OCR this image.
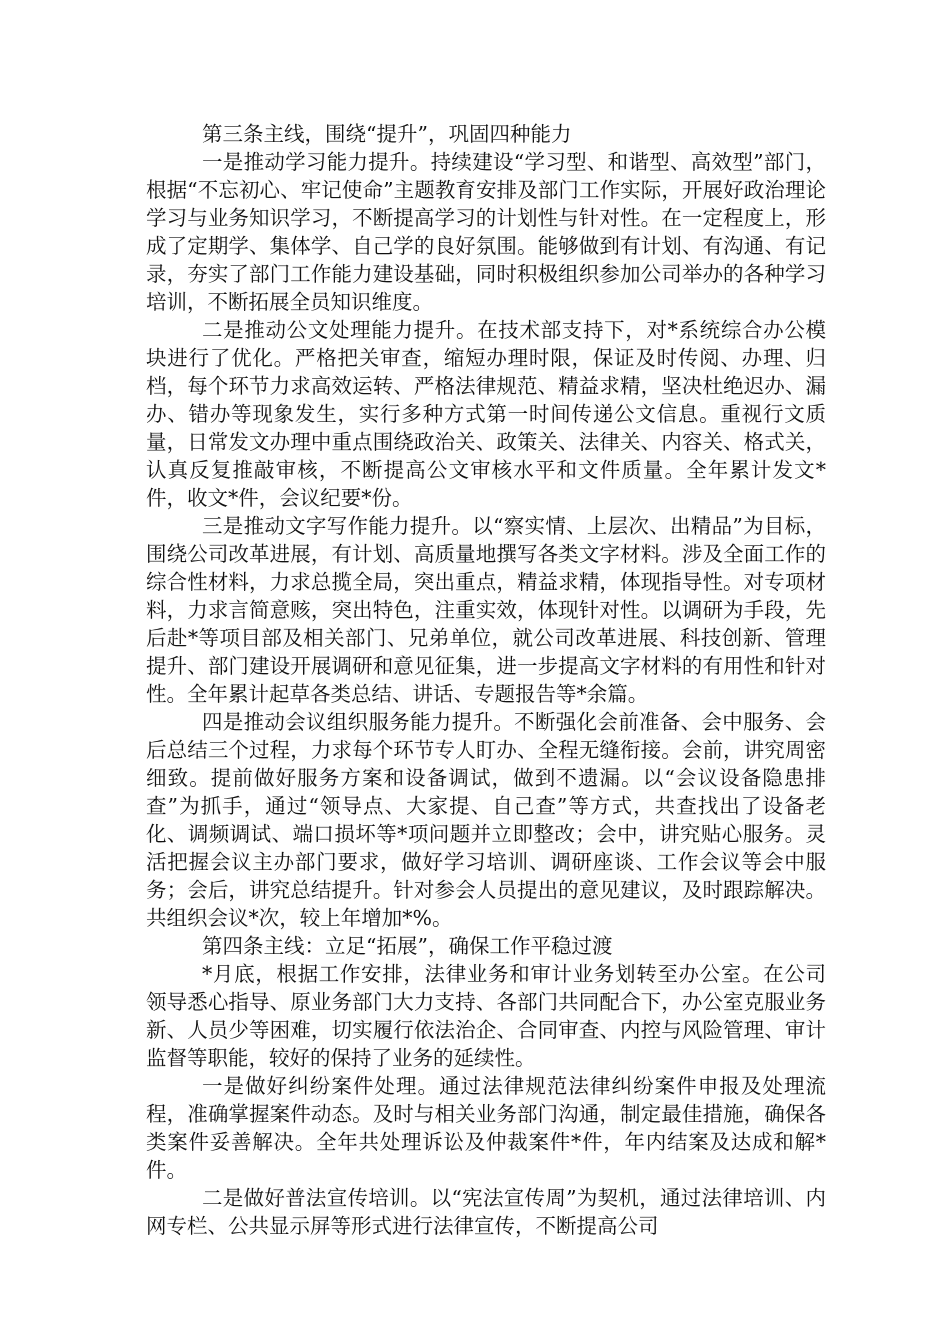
第三条主线，围绕“提升”，巩固四种能力

一是推动学习能力提升。持续建设“学习型、和谐型、高效型”部门，根据“不忘初心、牢记使命”主题教育安排及部门工作实际，开展好政治理论学习与业务知识学习，不断提高学习的计划性与针对性。在一定程度上，形成了定期学、集体学、自己学的良好氛围。能够做到有计划、有沟通、有记录，夯实了部门工作能力建设基础，同时积极组织参加公司举办的各种学习培训，不断拓展全员知识维度。

二是推动公文处理能力提升。在技术部支持下，对*系统综合办公模块进行了优化。严格把关审查，缩短办理时限，保证及时传阅、办理、归档，每个环节力求高效运转、严格法律规范、精益求精，坚决杜绝迟办、漏办、错办等现象发生，实行多种方式第一时间传递公文信息。重视行文质量，日常发文办理中重点围绕政治关、政策关、法律关、内容关、格式关，认真反复推敲审核，不断提高公文审核水平和文件质量。全年累计发文*件，收文*件，会议纪要*份。

三是推动文字写作能力提升。以“察实情、上层次、出精品”为目标，围绕公司改革进展，有计划、高质量地撰写各类文字材料。涉及全面工作的综合性材料，力求总揽全局，突出重点，精益求精，体现指导性。对专项材料，力求言简意赅，突出特色，注重实效，体现针对性。以调研为手段，先后赴*等项目部及相关部门、兄弟单位，就公司改革进展、科技创新、管理提升、部门建设开展调研和意见征集，进一步提高文字材料的有用性和针对性。全年累计起草各类总结、讲话、专题报告等*余篇。

四是推动会议组织服务能力提升。不断强化会前准备、会中服务、会后总结三个过程，力求每个环节专人盯办、全程无缝衔接。会前，讲究周密细致。提前做好服务方案和设备调试，做到不遗漏。以“会议设备隐患排查”为抓手，通过“领导点、大家提、自己查”等方式，共查找出了设备老化、调频调试、端口损坏等*项问题并立即整改；会中，讲究贴心服务。灵活把握会议主办部门要求，做好学习培训、调研座谈、工作会议等会中服务；会后，讲究总结提升。针对参会人员提出的意见建议，及时跟踪解决。共组织会议*次，较上年增加*%。

第四条主线：立足“拓展”，确保工作平稳过渡

*月底，根据工作安排，法律业务和审计业务划转至办公室。在公司领导悉心指导、原业务部门大力支持、各部门共同配合下，办公室克服业务新、人员少等困难，切实履行依法治企、合同审查、内控与风险管理、审计监督等职能，较好的保持了业务的延续性。

一是做好纠纷案件处理。通过法律规范法律纠纷案件申报及处理流程，准确掌握案件动态。及时与相关业务部门沟通，制定最佳措施，确保各类案件妥善解决。全年共处理诉讼及仲裁案件*件，年内结案及达成和解*件。

二是做好普法宣传培训。以“宪法宣传周”为契机，通过法律培训、内网专栏、公共显示屏等形式进行法律宣传，不断提高公司
